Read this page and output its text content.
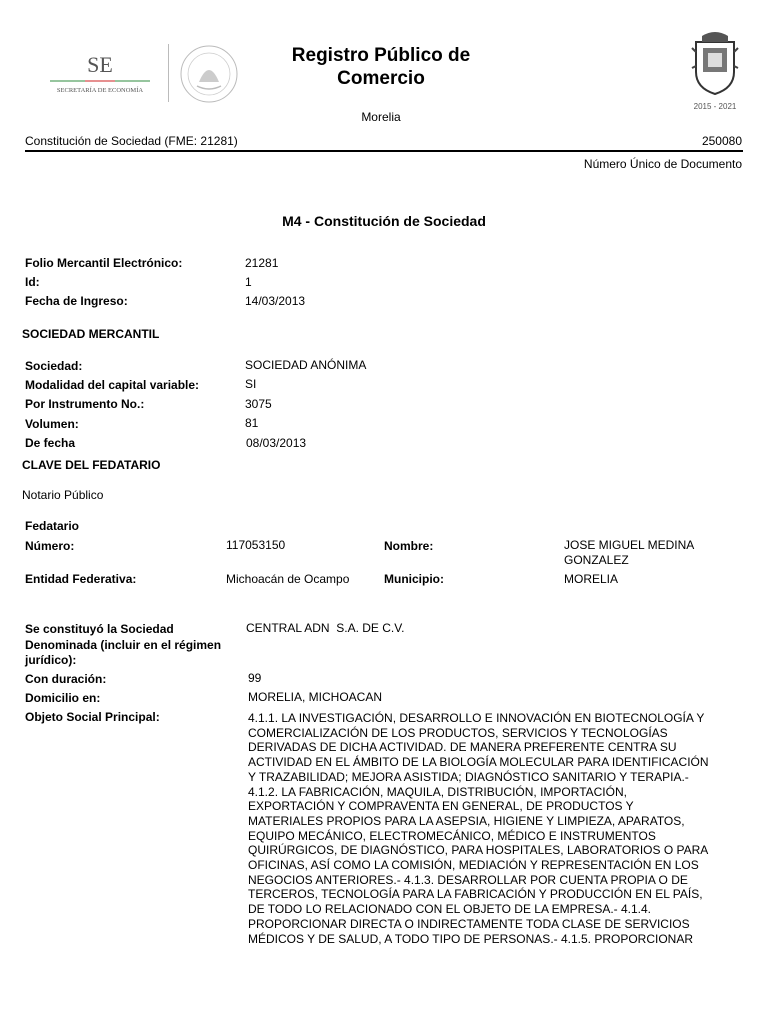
SE
SECRETARÍA DE ECONOMÍA
Registro Público de
Comercio
Morelia
2015 - 2021
Constitución de Sociedad (FME: 21281)	250080
Número Único de Documento
M4 - Constitución de Sociedad
Folio Mercantil Electrónico:	21281
Id:	1
Fecha de Ingreso:	14/03/2013
SOCIEDAD MERCANTIL
Sociedad:	SOCIEDAD ANÓNIMA
Modalidad del capital variable:	SI
Por Instrumento No.:	3075
Volumen:	81
De fecha	08/03/2013
CLAVE DEL FEDATARIO
Notario Público
Fedatario
Número:	117053150	Nombre:	JOSE MIGUEL MEDINA
GONZALEZ
Entidad Federativa:	Michoacán de Ocampo	Municipio:	MORELIA
Se constituyó la Sociedad
Denominada (incluir en el régimen
jurídico):
CENTRAL ADN  S.A. DE C.V.
Con duración:	99
Domicilio en:	MORELIA, MICHOACAN
Objeto Social Principal:	4.1.1. LA INVESTIGACIÓN, DESARROLLO E INNOVACIÓN EN BIOTECNOLOGÍA Y
COMERCIALIZACIÓN DE LOS PRODUCTOS, SERVICIOS Y TECNOLOGÍAS
DERIVADAS DE DICHA ACTIVIDAD. DE MANERA PREFERENTE CENTRA SU
ACTIVIDAD EN EL ÁMBITO DE LA BIOLOGÍA MOLECULAR PARA IDENTIFICACIÓN
Y TRAZABILIDAD; MEJORA ASISTIDA; DIAGNÓSTICO SANITARIO Y TERAPIA.-
4.1.2. LA FABRICACIÓN, MAQUILA, DISTRIBUCIÓN, IMPORTACIÓN,
EXPORTACIÓN Y COMPRAVENTA EN GENERAL, DE PRODUCTOS Y
MATERIALES PROPIOS PARA LA ASEPSIA, HIGIENE Y LIMPIEZA, APARATOS,
EQUIPO MECÁNICO, ELECTROMECÁNICO, MÉDICO E INSTRUMENTOS
QUIRÚRGICOS, DE DIAGNÓSTICO, PARA HOSPITALES, LABORATORIOS O PARA
OFICINAS, ASÍ COMO LA COMISIÓN, MEDIACIÓN Y REPRESENTACIÓN EN LOS
NEGOCIOS ANTERIORES.- 4.1.3. DESARROLLAR POR CUENTA PROPIA O DE
TERCEROS, TECNOLOGÍA PARA LA FABRICACIÓN Y PRODUCCIÓN EN EL PAÍS,
DE TODO LO RELACIONADO CON EL OBJETO DE LA EMPRESA.- 4.1.4.
PROPORCIONAR DIRECTA O INDIRECTAMENTE TODA CLASE DE SERVICIOS
MÉDICOS Y DE SALUD, A TODO TIPO DE PERSONAS.- 4.1.5. PROPORCIONAR
